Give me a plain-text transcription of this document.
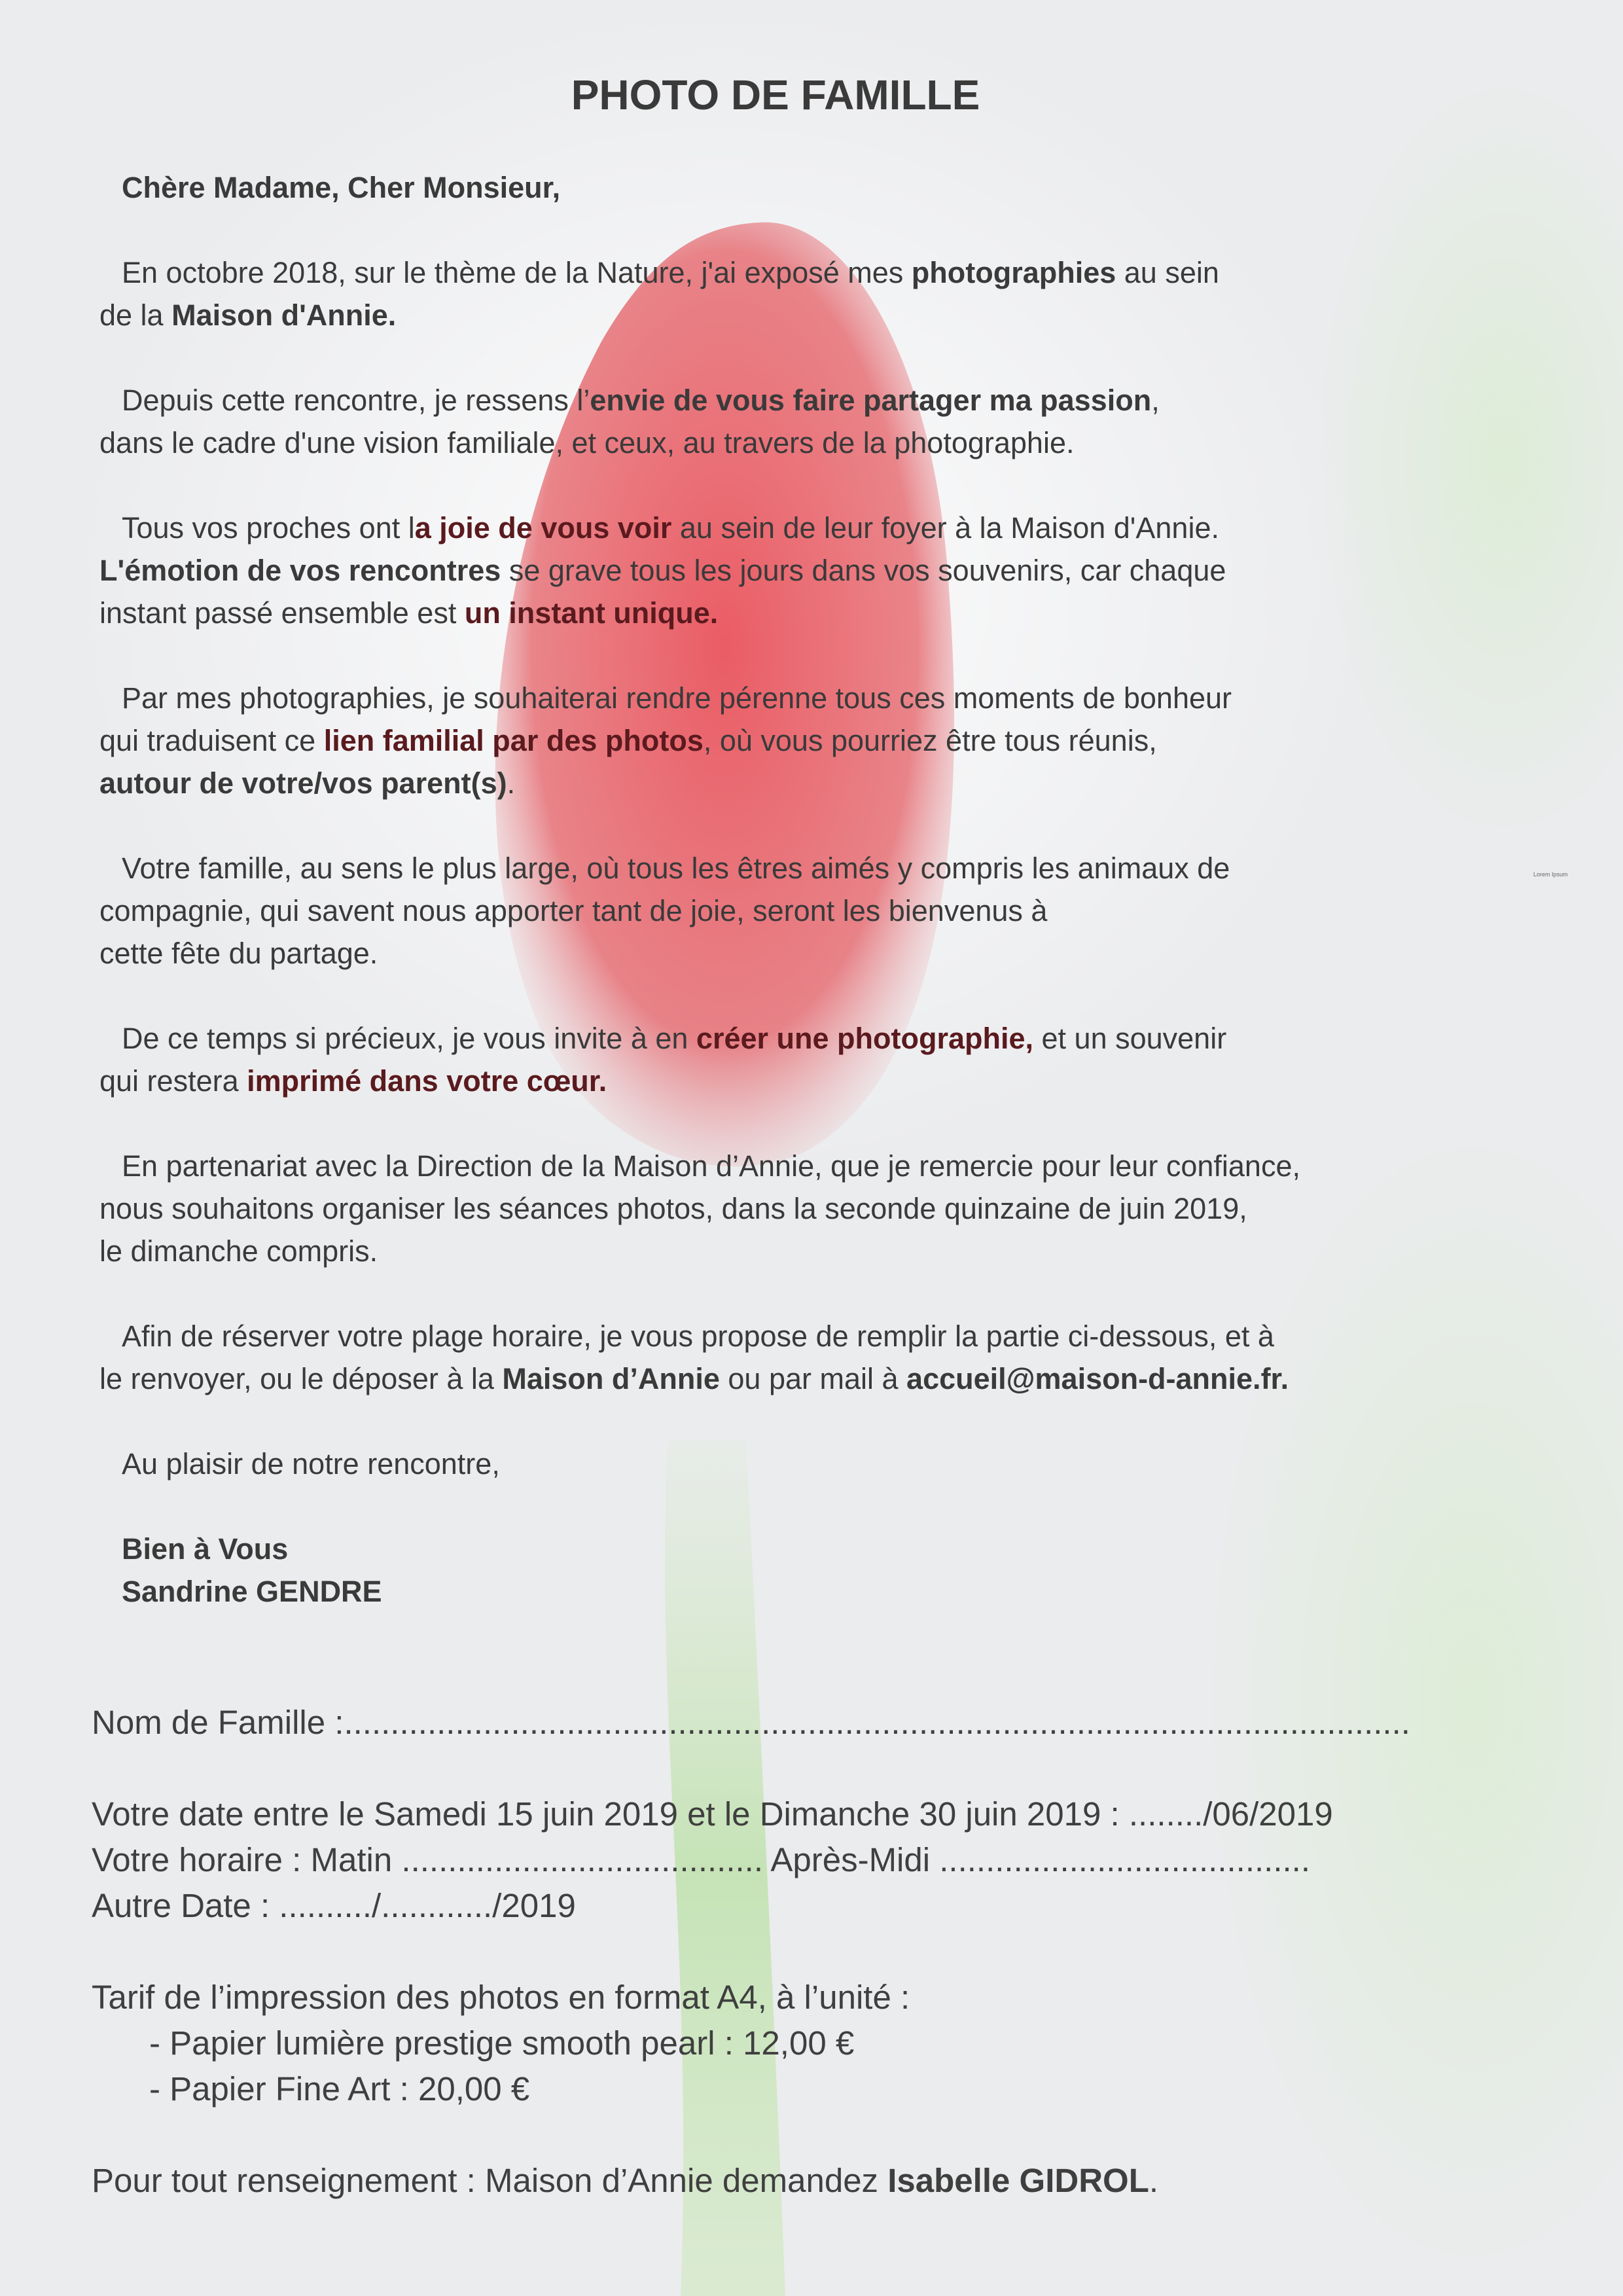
PHOTO DE FAMILLE

Chère Madame, Cher Monsieur,

En octobre 2018, sur le thème de la Nature, j'ai exposé mes photographies au sein
de la Maison d'Annie.

Depuis cette rencontre, je ressens l’envie de vous faire partager ma passion,
dans le cadre d'une vision familiale, et ceux, au travers de la photographie.

Tous vos proches ont la joie de vous voir au sein de leur foyer à la Maison d'Annie.
L'émotion de vos rencontres se grave tous les jours dans vos souvenirs, car chaque
instant passé ensemble est un instant unique.

Par mes photographies, je souhaiterai rendre pérenne tous ces moments de bonheur
qui traduisent ce lien familial par des photos, où vous pourriez être tous réunis,
autour de votre/vos parent(s).

Votre famille, au sens le plus large, où tous les êtres aimés y compris les animaux de
compagnie, qui savent nous apporter tant de joie, seront les bienvenus à
cette fête du partage.

De ce temps si précieux, je vous invite à en créer une photographie, et un souvenir
qui restera imprimé dans votre cœur.

En partenariat avec la Direction de la Maison d’Annie, que je remercie pour leur confiance,
nous souhaitons organiser les séances photos, dans la seconde quinzaine de juin 2019,
le dimanche compris.

Afin de réserver votre plage horaire, je vous propose de remplir la partie ci-dessous, et à
le renvoyer, ou le déposer à la Maison d’Annie ou par mail à accueil@maison-d-annie.fr.

Au plaisir de notre rencontre,

Bien à Vous
Sandrine GENDRE

Nom de Famille :...................................................................................................................

Votre date entre le Samedi 15 juin 2019 et le Dimanche 30 juin 2019 : ......../06/2019

Votre horaire : Matin ....................................... Après-Midi ........................................

Autre Date : ........../............/2019

Tarif de l’impression des photos en format A4, à l’unité :

- Papier lumière prestige smooth pearl : 12,00 €

- Papier Fine Art : 20,00 €

Pour tout renseignement : Maison d’Annie demandez Isabelle GIDROL.

Lorem Ipsum
